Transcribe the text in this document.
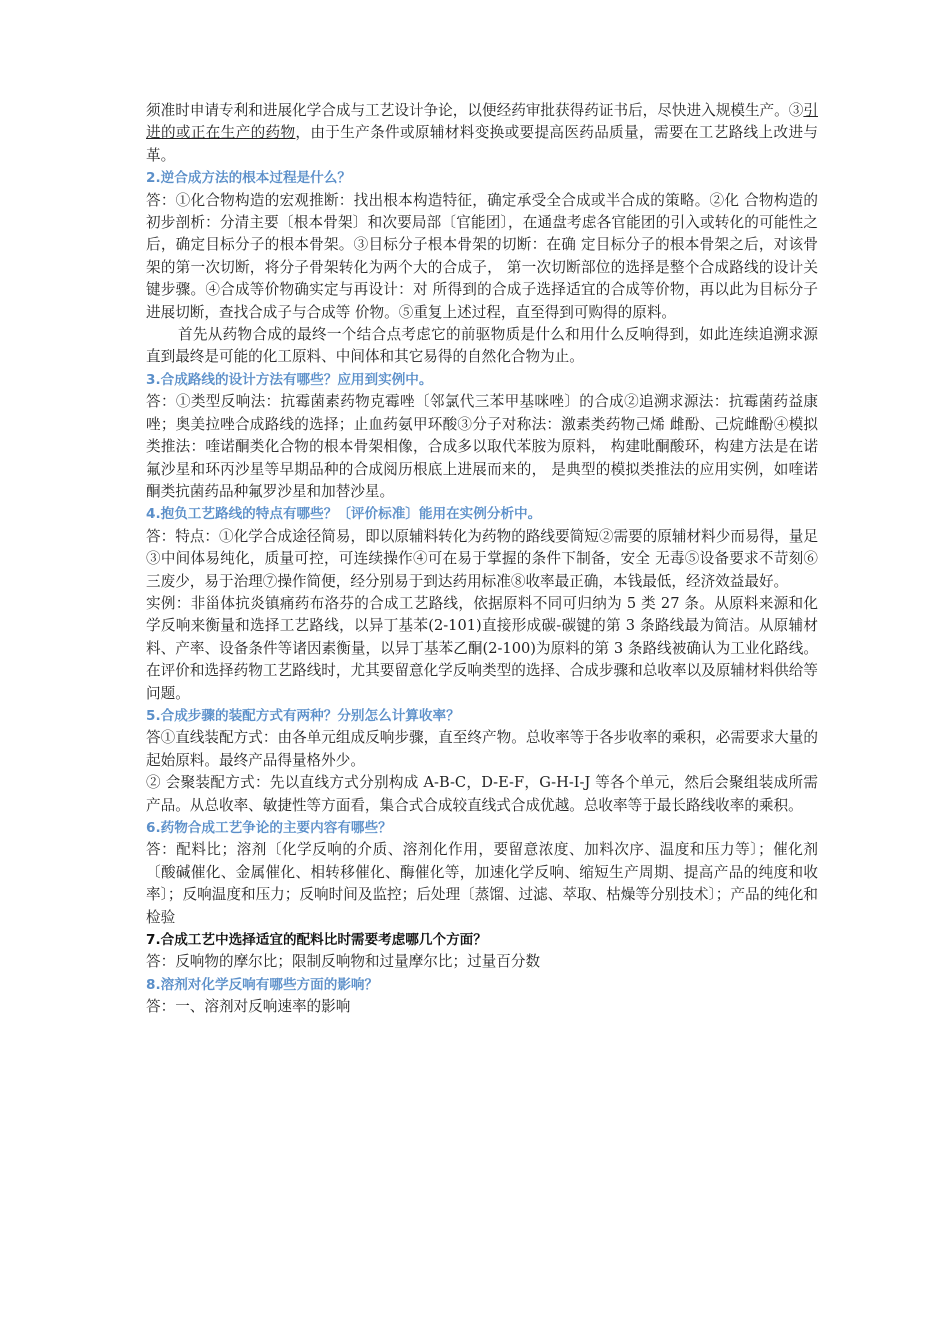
须准时申请专利和进展化学合成与工艺设计争论，以便经药审批获得药证书后，尽快进入规模生产。③引进的或正在生产的药物，由于生产条件或原辅材料变换或要提高医药品质量，需要在工艺路线上改进与革。

2.逆合成方法的根本过程是什么？

答：①化合物构造的宏观推断：找出根本构造特征，确定承受全合成或半合成的策略。②化 合物构造的初步剖析：分清主要〔根本骨架〕和次要局部〔官能团〕，在通盘考虑各官能团的引入或转化的可能性之后，确定目标分子的根本骨架。③目标分子根本骨架的切断：在确 定目标分子的根本骨架之后，对该骨架的第一次切断，将分子骨架转化为两个大的合成子， 第一次切断部位的选择是整个合成路线的设计关键步骤。④合成等价物确实定与再设计：对 所得到的合成子选择适宜的合成等价物，再以此为目标分子进展切断，查找合成子与合成等 价物。⑤重复上述过程，直至得到可购得的原料。

首先从药物合成的最终一个结合点考虑它的前驱物质是什么和用什么反响得到，如此连续追溯求源直到最终是可能的化工原料、中间体和其它易得的自然化合物为止。

3.合成路线的设计方法有哪些？应用到实例中。

答：①类型反响法：抗霉菌素药物克霉唑〔邻氯代三苯甲基咪唑〕的合成②追溯求源法：抗霉菌药益康唑；奥美拉唑合成路线的选择；止血药氨甲环酸③分子对称法：激素类药物己烯 雌酚、己烷雌酚④模拟类推法：喹诺酮类化合物的根本骨架相像，合成多以取代苯胺为原料， 构建吡酮酸环，构建方法是在诺氟沙星和环丙沙星等早期品种的合成阅历根底上进展而来的， 是典型的模拟类推法的应用实例，如喹诺酮类抗菌药品种氟罗沙星和加替沙星。

4.抱负工艺路线的特点有哪些？〔评价标准〕能用在实例分析中。

答：特点：①化学合成途径简易，即以原辅料转化为药物的路线要简短②需要的原辅材料少而易得，量足③中间体易纯化，质量可控，可连续操作④可在易于掌握的条件下制备，安全 无毒⑤设备要求不苛刻⑥三废少，易于治理⑦操作简便，经分别易于到达药用标准⑧收率最正确，本钱最低，经济效益最好。

实例：非甾体抗炎镇痛药布洛芬的合成工艺路线，依据原料不同可归纳为 5 类 27 条。从原料来源和化学反响来衡量和选择工艺路线，以异丁基苯(2-101)直接形成碳-碳键的第 3 条路线最为简洁。从原辅材料、产率、设备条件等诸因素衡量，以异丁基苯乙酮(2-100)为原料的第 3 条路线被确认为工业化路线。在评价和选择药物工艺路线时，尤其要留意化学反响类型的选择、合成步骤和总收率以及原辅材料供给等问题。

5.合成步骤的装配方式有两种？分别怎么计算收率？

答①直线装配方式：由各单元组成反响步骤，直至终产物。总收率等于各步收率的乘积，必需要求大量的起始原料。最终产品得量格外少。

② 会聚装配方式：先以直线方式分别构成 A-B-C，D-E-F，G-H-I-J 等各个单元，然后会聚组装成所需产品。从总收率、敏捷性等方面看，集合式合成较直线式合成优越。总收率等于最长路线收率的乘积。

6.药物合成工艺争论的主要内容有哪些？

答：配料比；溶剂〔化学反响的介质、溶剂化作用，要留意浓度、加料次序、温度和压力等〕；催化剂〔酸碱催化、金属催化、相转移催化、酶催化等，加速化学反响、缩短生产周期、提高产品的纯度和收率〕；反响温度和压力；反响时间及监控；后处理〔蒸馏、过滤、萃取、枯燥等分别技术〕；产品的纯化和检验

7.合成工艺中选择适宜的配料比时需要考虑哪几个方面？

答：反响物的摩尔比；限制反响物和过量摩尔比；过量百分数

8.溶剂对化学反响有哪些方面的影响？

答：一、溶剂对反响速率的影响
